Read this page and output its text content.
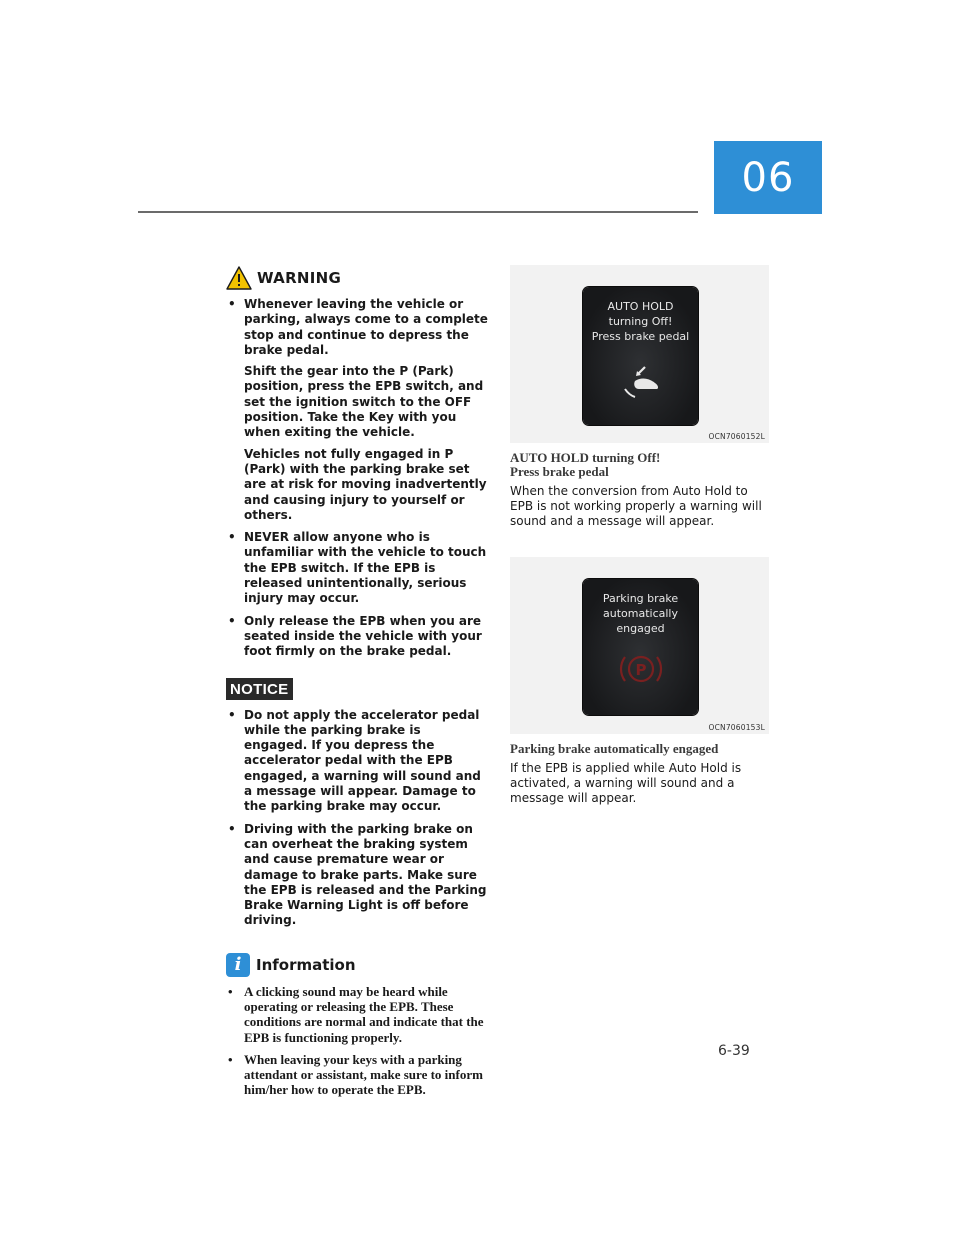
06
WARNING
• Whenever leaving the vehicle or parking, always come to a complete stop and continue to depress the brake pedal.

Shift the gear into the P (Park) position, press the EPB switch, and set the ignition switch to the OFF position. Take the Key with you when exiting the vehicle.

Vehicles not fully engaged in P (Park) with the parking brake set are at risk for moving inadvertently and causing injury to yourself or others.

• NEVER allow anyone who is unfamiliar with the vehicle to touch the EPB switch. If the EPB is released unintentionally, serious injury may occur.

• Only release the EPB when you are seated inside the vehicle with your foot firmly on the brake pedal.

NOTICE
• Do not apply the accelerator pedal while the parking brake is engaged. If you depress the accelerator pedal with the EPB engaged, a warning will sound and a message will appear. Damage to the parking brake may occur.

• Driving with the parking brake on can overheat the braking system and cause premature wear or damage to brake parts. Make sure the EPB is released and the Parking Brake Warning Light is off before driving.

i Information
• A clicking sound may be heard while operating or releasing the EPB. These conditions are normal and indicate that the EPB is functioning properly.

• When leaving your keys with a parking attendant or assistant, make sure to inform him/her how to operate the EPB.

AUTO HOLD
turning Off!
Press brake pedal
OCN7060152L
AUTO HOLD turning Off!
Press brake pedal

When the conversion from Auto Hold to EPB is not working properly a warning will sound and a message will appear.

Parking brake
automatically
engaged
P
OCN7060153L
Parking brake automatically engaged

If the EPB is applied while Auto Hold is activated, a warning will sound and a message will appear.

6-39
